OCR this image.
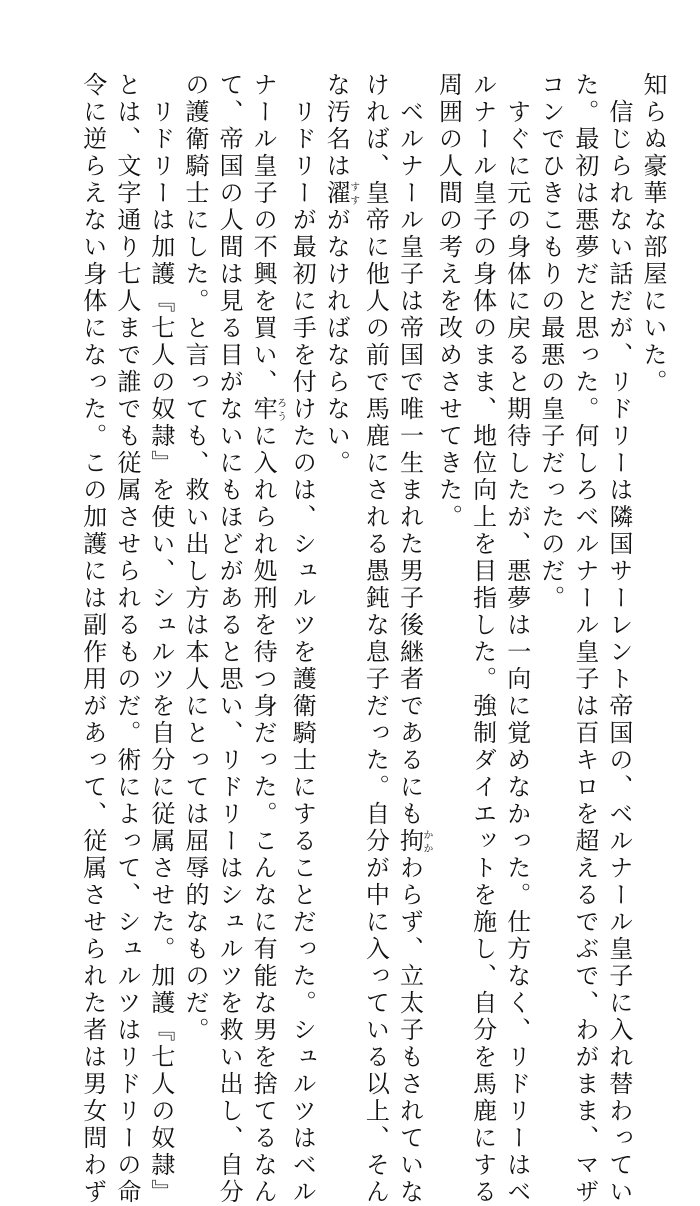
知らぬ豪華な部屋にいた。

　信じられない話だが、リドリーは隣国サーレント帝国の、ベルナール皇子に入れ替わってい

た。最初は悪夢だと思った。何しろベルナール皇子は百キロを超えるでぶで、わがまま、マザ

コンでひきこもりの最悪の皇子だったのだ。

　すぐに元の身体に戻ると期待したが、悪夢は一向に覚めなかった。仕方なく、リドリーはベ

ルナール皇子の身体のまま、地位向上を目指した。強制ダイエットを施し、自分を馬鹿にする

周囲の人間の考えを改めさせてきた。

　ベルナール皇子は帝国で唯一生まれた男子後継者であるにも拘かかわらず、立太子もされていな

ければ、皇帝に他人の前で馬鹿にされる愚鈍な息子だった。自分が中に入っている以上、そん

な汚名は濯すすがなければならない。

　リドリーが最初に手を付けたのは、シュルツを護衛騎士にすることだった。シュルツはベル

ナール皇子の不興を買い、牢ろうに入れられ処刑を待つ身だった。こんなに有能な男を捨てるなん

て、帝国の人間は見る目がないにもほどがあると思い、リドリーはシュルツを救い出し、自分

の護衛騎士にした。と言っても、救い出し方は本人にとっては屈辱的なものだ。

　リドリーは加護『七人の奴隷』を使い、シュルツを自分に従属させた。加護『七人の奴隷』

とは、文字通り七人まで誰でも従属させられるものだ。術によって、シュルツはリドリーの命

令に逆らえない身体になった。この加護には副作用があって、従属させられた者は男女問わず
